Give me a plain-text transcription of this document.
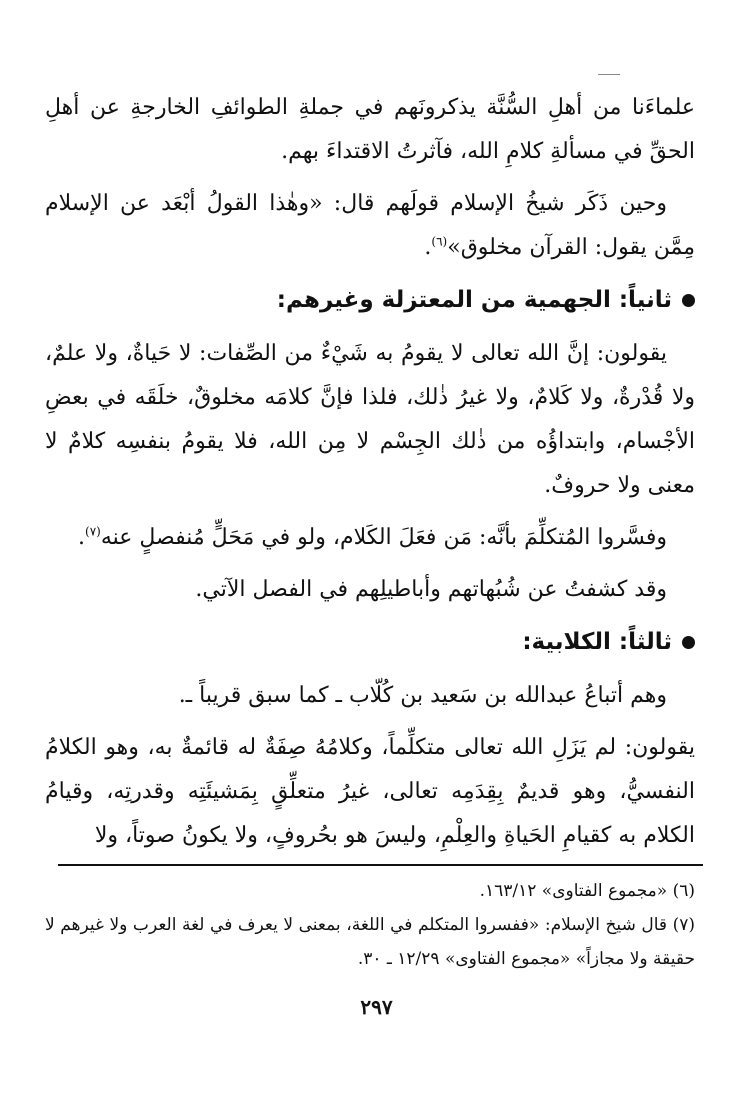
علماءَنا من أهلِ السُّنَّة يذكرونَهم في جملةِ الطوائفِ الخارجةِ عن أهلِ الحقِّ في مسألةِ كلامِ الله، فآثرتُ الاقتداءَ بهم.

وحين ذَكَر شيخُ الإسلام قولَهم قال: «وهٰذا القولُ أبْعَد عن الإسلام مِمَّن يقول: القرآن مخلوق»$^{(٦)}$.

ثانياً: الجهمية من المعتزلة وغيرهم:

يقولون: إنَّ الله تعالى لا يقومُ به شَيْءٌ من الصِّفات: لا حَياةٌ، ولا علمٌ، ولا قُدْرةٌ، ولا كَلامٌ، ولا غيرُ ذٰلك، فلذا فإنَّ كلامَه مخلوقٌ، خلَقَه في بعضِ الأجْسام، وابتداؤُه من ذٰلك الجِسْم لا مِن الله، فلا يقومُ بنفسِه كلامٌ لا معنى ولا حروفٌ.

وفسَّروا المُتكلِّمَ بأنَّه: مَن فعَلَ الكَلام، ولو في مَحَلٍّ مُنفصلٍ عنه$^{(٧)}$.

وقد كشفتُ عن شُبُهاتهم وأباطيلِهم في الفصل الآتي.

ثالثاً: الكلابية:

وهم أتباعُ عبدالله بن سَعيد بن كُلّاب ـ كما سبق قريباً ـ.

يقولون: لم يَزَلِ الله تعالى متكلِّماً، وكلامُهُ صِفَةٌ له قائمةٌ به، وهو الكلامُ النفسيُّ، وهو قديمٌ بِقِدَمِه تعالى، غيرُ متعلِّقٍ بِمَشيئَتِه وقدرتِه، وقيامُ الكلام به كقيامِ الحَياةِ والعِلْمِ، وليسَ هو بحُروفٍ، ولا يكونُ صوتاً، ولا

(٦) «مجموع الفتاوى» ١٦٣/١٢.

(٧) قال شيخ الإسلام: «ففسروا المتكلم في اللغة، بمعنى لا يعرف في لغة العرب ولا غيرهم لا حقيقة ولا مجازاً» «مجموع الفتاوى» ١٢/٢٩ ـ ٣٠.

٢٩٧
